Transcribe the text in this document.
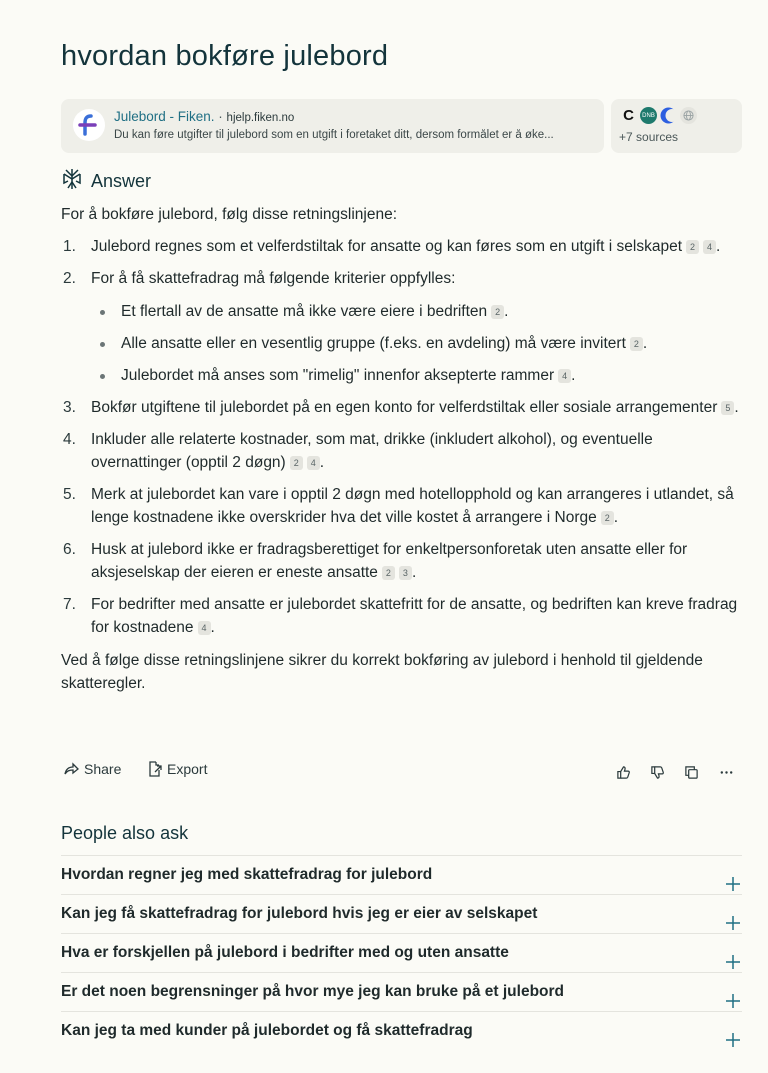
hvordan bokføre julebord
Julebord - Fiken. · hjelp.fiken.no
Du kan føre utgifter til julebord som en utgift i foretaket ditt, dersom formålet er å øke...
C	DNB
+7 sources
Answer

For å bokføre julebord, følg disse retningslinjene:

1. Julebord regnes som et velferdstiltak for ansatte og kan føres som en utgift i selskapet 2 4 .
2. For å få skattefradrag må følgende kriterier oppfylles:
Et flertall av de ansatte må ikke være eiere i bedriften 2 .
Alle ansatte eller en vesentlig gruppe (f.eks. en avdeling) må være invitert 2 .
Julebordet må anses som "rimelig" innenfor aksepterte rammer 4 .
3. Bokfør utgiftene til julebordet på en egen konto for velferdstiltak eller sosiale arrangementer 5 .
4. Inkluder alle relaterte kostnader, som mat, drikke (inkludert alkohol), og eventuelle overnattinger (opptil 2 døgn) 2 4 .
5. Merk at julebordet kan vare i opptil 2 døgn med hotellopphold og kan arrangeres i utlandet, så lenge kostnadene ikke overskrider hva det ville kostet å arrangere i Norge 2 .
6. Husk at julebord ikke er fradragsberettiget for enkeltpersonforetak uten ansatte eller for aksjeselskap der eieren er eneste ansatte 2 3 .
7. For bedrifter med ansatte er julebordet skattefritt for de ansatte, og bedriften kan kreve fradrag for kostnadene 4 .

Ved å følge disse retningslinjene sikrer du korrekt bokføring av julebord i henhold til gjeldende skatteregler.

Share	Export
People also ask
Hvordan regner jeg med skattefradrag for julebord
Kan jeg få skattefradrag for julebord hvis jeg er eier av selskapet
Hva er forskjellen på julebord i bedrifter med og uten ansatte
Er det noen begrensninger på hvor mye jeg kan bruke på et julebord
Kan jeg ta med kunder på julebordet og få skattefradrag
